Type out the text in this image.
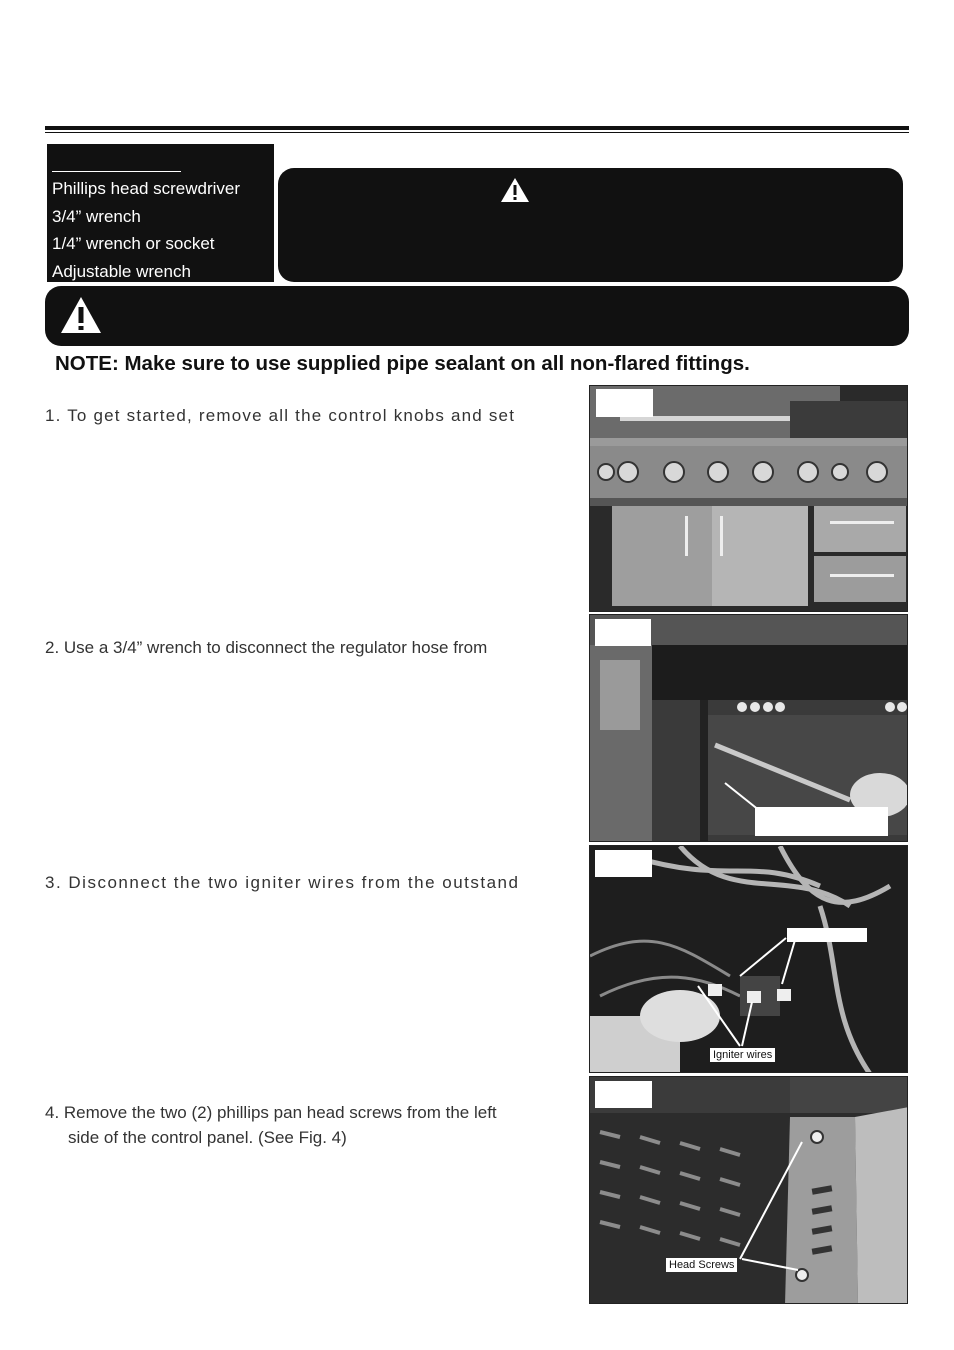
Phillips head screwdriver
3/4” wrench
1/4” wrench or socket
Adjustable wrench

NOTE: Make sure to use supplied pipe sealant on all non-flared fittings.

1. To get started, remove all the control knobs and set

2. Use a 3/4” wrench to disconnect the regulator hose from

3. Disconnect the two igniter wires from the outstand

4. Remove the two (2) phillips pan head screws from the left

side of the control panel. (See Fig. 4)

Igniter wires
Head Screws
